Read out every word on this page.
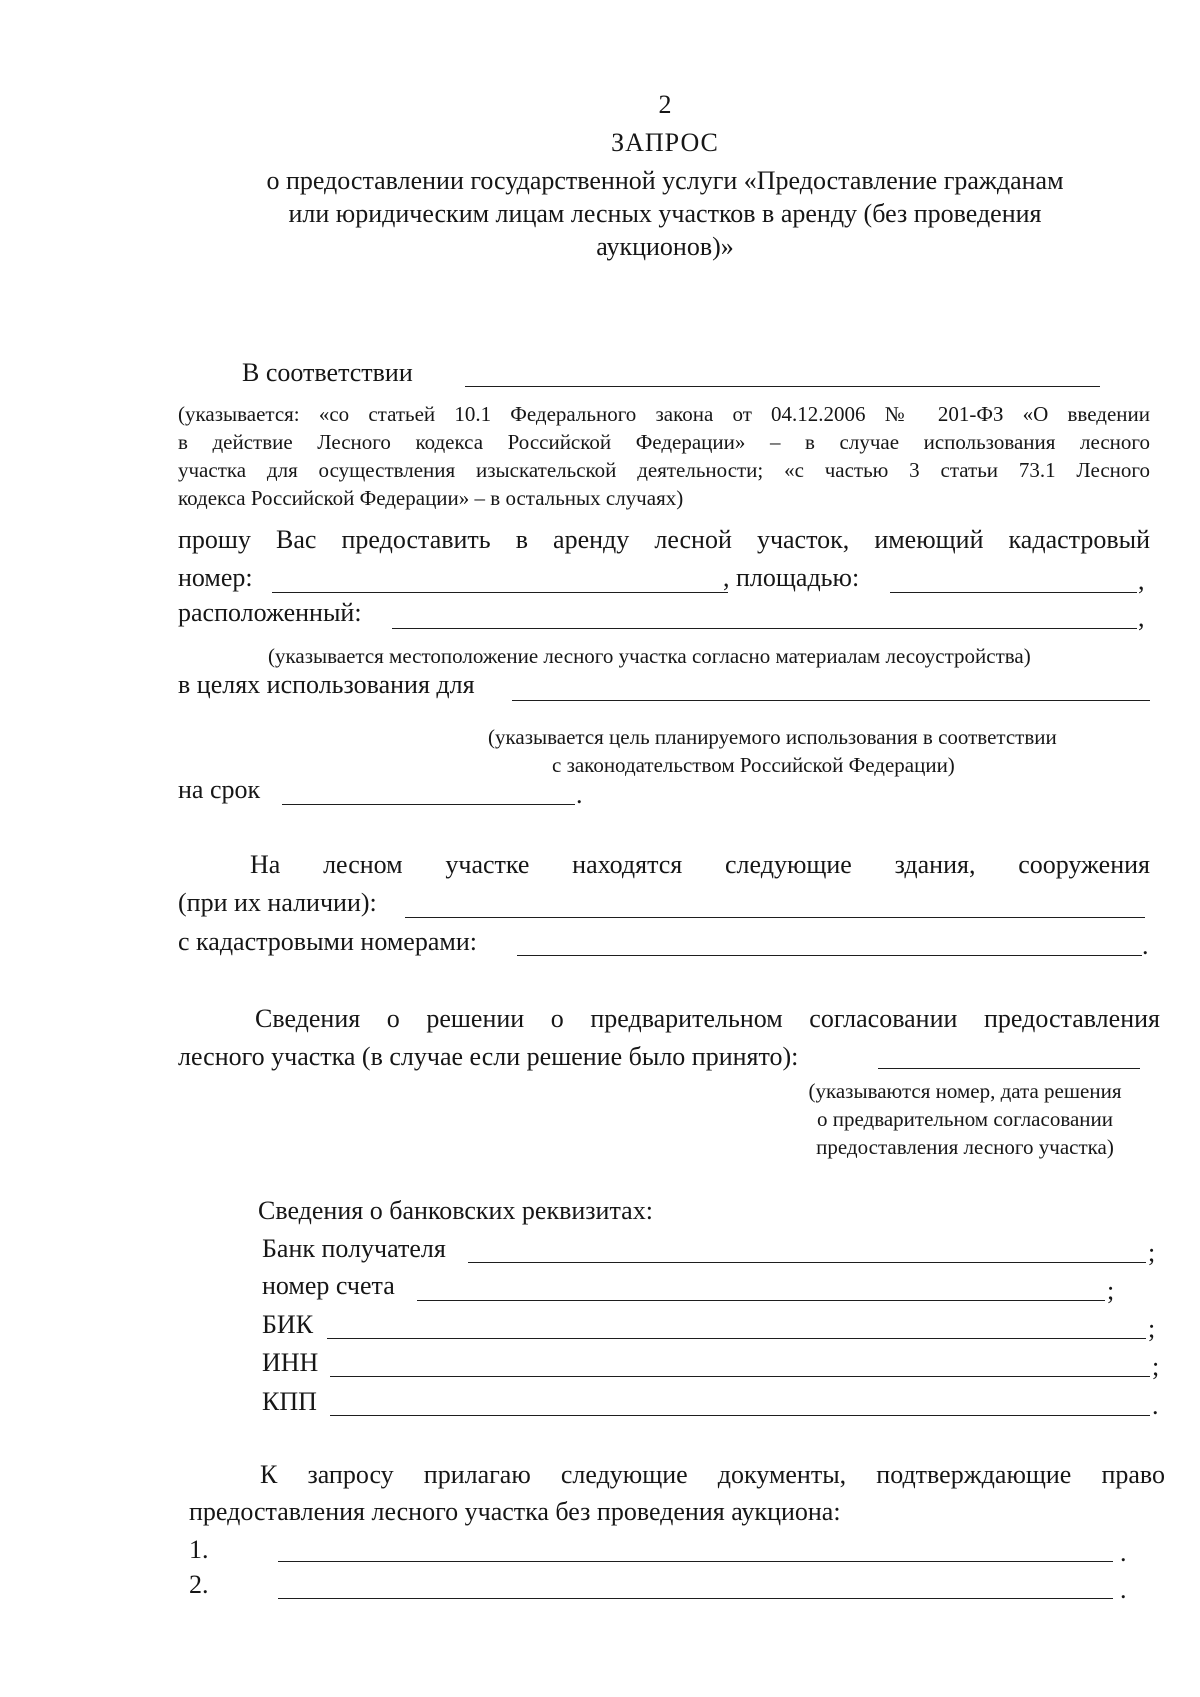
2
ЗАПРОС
о предоставлении государственной услуги «Предоставление гражданам
или юридическим лицам лесных участков в аренду (без проведения
аукционов)»
В соответствии
(указывается: «со статьей 10.1 Федерального закона от 04.12.2006 № 201-ФЗ «О введении
в действие Лесного кодекса Российской Федерации» – в случае использования лесного
участка для осуществления изыскательской деятельности; «с частью 3 статьи 73.1 Лесного
кодекса Российской Федерации» – в остальных случаях)
прошу Вас предоставить в аренду лесной участок, имеющий кадастровый
номер:	, площадью:	,
расположенный:	,
(указывается местоположение лесного участка согласно материалам лесоустройства)
в целях использования для
(указывается цель планируемого использования в соответствии
с законодательством Российской Федерации)
на срок	.
На лесном участке находятся следующие здания, сооружения
(при их наличии):
с кадастровыми номерами:	.
Сведения о решении о предварительном согласовании предоставления
лесного участка (в случае если решение было принято):
(указываются номер, дата решения
о предварительном согласовании
предоставления лесного участка)
Сведения о банковских реквизитах:
Банк получателя	;
номер счета	;
БИК	;
ИНН	;
КПП	.
К запросу прилагаю следующие документы, подтверждающие право
предоставления лесного участка без проведения аукциона:
1.	.
2.	.
